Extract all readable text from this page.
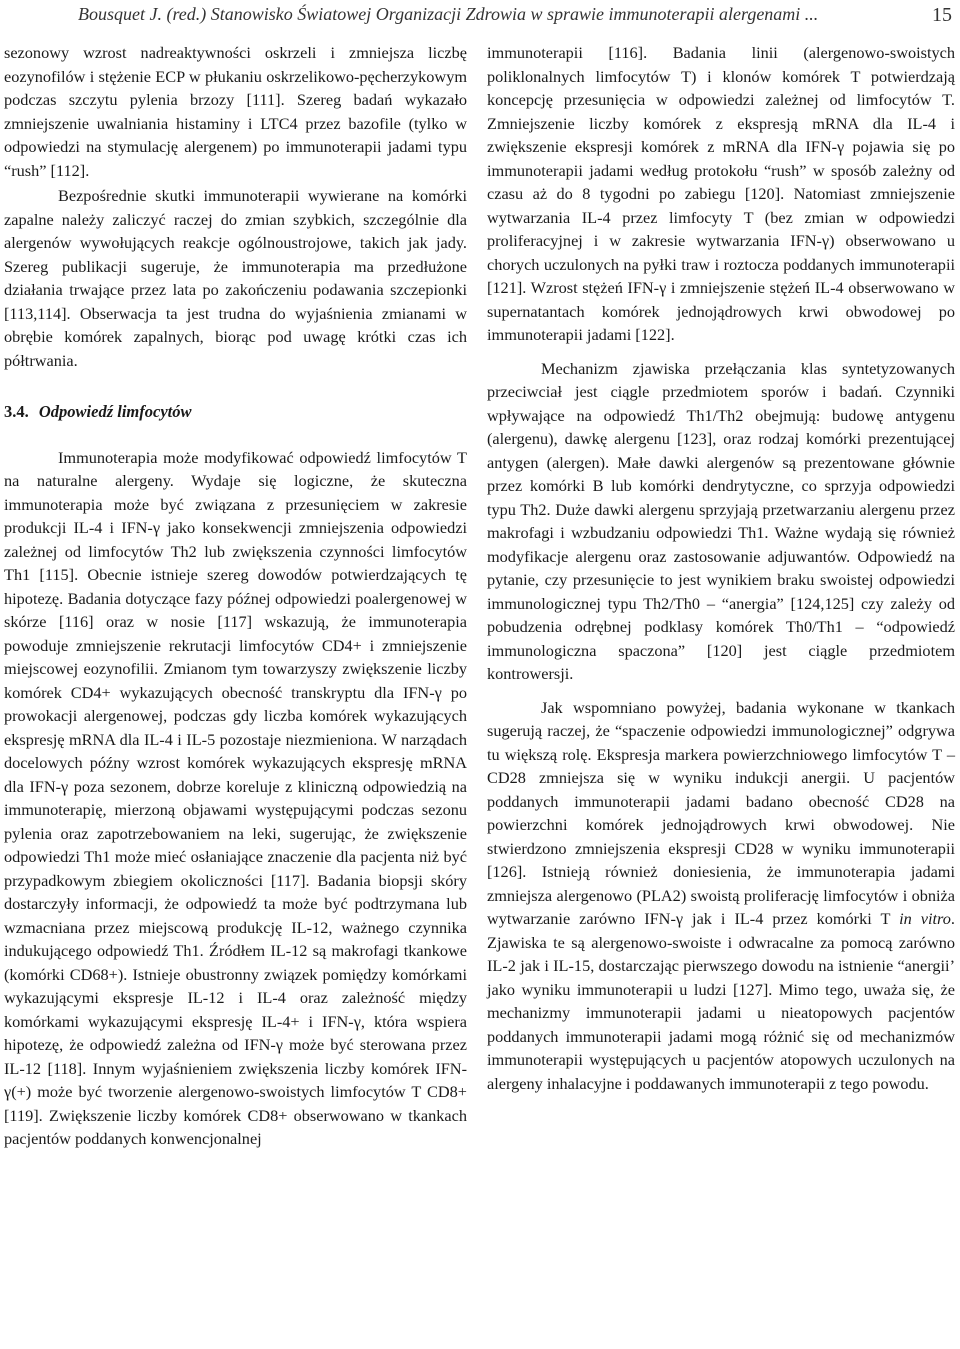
Bousquet J. (red.) Stanowisko Światowej Organizacji Zdrowia w sprawie immunoterapii alergenami ...	15

sezonowy wzrost nadreaktywności oskrzeli i zmniejsza liczbę eozynofilów i stężenie ECP w płukaniu oskrzelikowo-pęcherzykowym podczas szczytu pylenia brzozy [111]. Szereg badań wykazało zmniejszenie uwalniania histaminy i LTC4 przez bazofile (tylko w odpowiedzi na stymulację alergenem) po immunoterapii jadami typu “rush” [112].

Bezpośrednie skutki immunoterapii wywierane na komórki zapalne należy zaliczyć raczej do zmian szybkich, szczególnie dla alergenów wywołujących reakcje ogólnoustrojowe, takich jak jady. Szereg publikacji sugeruje, że immunoterapia ma przedłużone działania trwające przez lata po zakończeniu podawania szczepionki [113,114]. Obserwacja ta jest trudna do wyjaśnienia zmianami w obrębie komórek zapalnych, biorąc pod uwagę krótki czas ich półtrwania.

3.4. Odpowiedź limfocytów

Immunoterapia może modyfikować odpowiedź limfocytów T na naturalne alergeny. Wydaje się logiczne, że skuteczna immunoterapia może być związana z przesunięciem w zakresie produkcji IL-4 i IFN-γ jako konsekwencji zmniejszenia odpowiedzi zależnej od limfocytów Th2 lub zwiększenia czynności limfocytów Th1 [115]. Obecnie istnieje szereg dowodów potwierdzających tę hipotezę. Badania dotyczące fazy późnej odpowiedzi poalergenowej w skórze [116] oraz w nosie [117] wskazują, że immunoterapia powoduje zmniejszenie rekrutacji limfocytów CD4+ i zmniejszenie miejscowej eozynofilii. Zmianom tym towarzyszy zwiększenie liczby komórek CD4+ wykazujących obecność transkryptu dla IFN-γ po prowokacji alergenowej, podczas gdy liczba komórek wykazujących ekspresję mRNA dla IL-4 i IL-5 pozostaje niezmieniona. W narządach docelowych późny wzrost komórek wykazujących ekspresję mRNA dla IFN-γ poza sezonem, dobrze koreluje z kliniczną odpowiedzią na immunoterapię, mierzoną objawami występującymi podczas sezonu pylenia oraz zapotrzebowaniem na leki, sugerując, że zwiększenie odpowiedzi Th1 może mieć osłaniające znaczenie dla pacjenta niż być przypadkowym zbiegiem okoliczności [117]. Badania biopsji skóry dostarczyły informacji, że odpowiedź ta może być podtrzymana lub wzmacniana przez miejscową produkcję IL-12, ważnego czynnika indukującego odpowiedź Th1. Źródłem IL-12 są makrofagi tkankowe (komórki CD68+). Istnieje obustronny związek pomiędzy komórkami wykazującymi ekspresje IL-12 i IL-4 oraz zależność między komórkami wykazującymi ekspresję IL-4+ i IFN-γ, która wspiera hipotezę, że odpowiedź zależna od IFN-γ może być sterowana przez IL-12 [118]. Innym wyjaśnieniem zwiększenia liczby komórek IFN-γ(+) może być tworzenie alergenowo-swoistych limfocytów T CD8+ [119]. Zwiększenie liczby komórek CD8+ obserwowano w tkankach pacjentów poddanych konwencjonalnej

immunoterapii [116]. Badania linii (alergenowo-swoistych poliklonalnych limfocytów T) i klonów komórek T potwierdzają koncepcję przesunięcia w odpowiedzi zależnej od limfocytów T. Zmniejszenie liczby komórek z ekspresją mRNA dla IL-4 i zwiększenie ekspresji komórek z mRNA dla IFN-γ pojawia się po immunoterapii jadami według protokołu “rush” w sposób zależny od czasu aż do 8 tygodni po zabiegu [120]. Natomiast zmniejszenie wytwarzania IL-4 przez limfocyty T (bez zmian w odpowiedzi proliferacyjnej i w zakresie wytwarzania IFN-γ) obserwowano u chorych uczulonych na pyłki traw i roztocza poddanych immunoterapii [121]. Wzrost stężeń IFN-γ i zmniejszenie stężeń IL-4 obserwowano w supernatantach komórek jednojądrowych krwi obwodowej po immunoterapii jadami [122].

Mechanizm zjawiska przełączania klas syntetyzowanych przeciwciał jest ciągle przedmiotem sporów i badań. Czynniki wpływające na odpowiedź Th1/Th2 obejmują: budowę antygenu (alergenu), dawkę alergenu [123], oraz rodzaj komórki prezentującej antygen (alergen). Małe dawki alergenów są prezentowane głównie przez komórki B lub komórki dendrytyczne, co sprzyja odpowiedzi typu Th2. Duże dawki alergenu sprzyjają przetwarzaniu alergenu przez makrofagi i wzbudzaniu odpowiedzi Th1. Ważne wydają się również modyfikacje alergenu oraz zastosowanie adjuwantów. Odpowiedź na pytanie, czy przesunięcie to jest wynikiem braku swoistej odpowiedzi immunologicznej typu Th2/Th0 – “anergia” [124,125] czy zależy od pobudzenia odrębnej podklasy komórek Th0/Th1 – “odpowiedź immunologiczna spaczona” [120] jest ciągle przedmiotem kontrowersji.

Jak wspomniano powyżej, badania wykonane w tkankach sugerują raczej, że “spaczenie odpowiedzi immunologicznej” odgrywa tu większą rolę. Ekspresja markera powierzchniowego limfocytów T – CD28 zmniejsza się w wyniku indukcji anergii. U pacjentów poddanych immunoterapii jadami badano obecność CD28 na powierzchni komórek jednojądrowych krwi obwodowej. Nie stwierdzono zmniejszenia ekspresji CD28 w wyniku immunoterapii [126]. Istnieją również doniesienia, że immunoterapia jadami zmniejsza alergenowo (PLA2) swoistą proliferację limfocytów i obniża wytwarzanie zarówno IFN-γ jak i IL-4 przez komórki T in vitro. Zjawiska te są alergenowo-swoiste i odwracalne za pomocą zarówno IL-2 jak i IL-15, dostarczając pierwszego dowodu na istnienie “anergii’ jako wyniku immunoterapii u ludzi [127]. Mimo tego, uważa się, że mechanizmy immunoterapii jadami u nieatopowych pacjentów poddanych immunoterapii jadami mogą różnić się od mechanizmów immunoterapii występujących u pacjentów atopowych uczulonych na alergeny inhalacyjne i poddawanych immunoterapii z tego powodu.
